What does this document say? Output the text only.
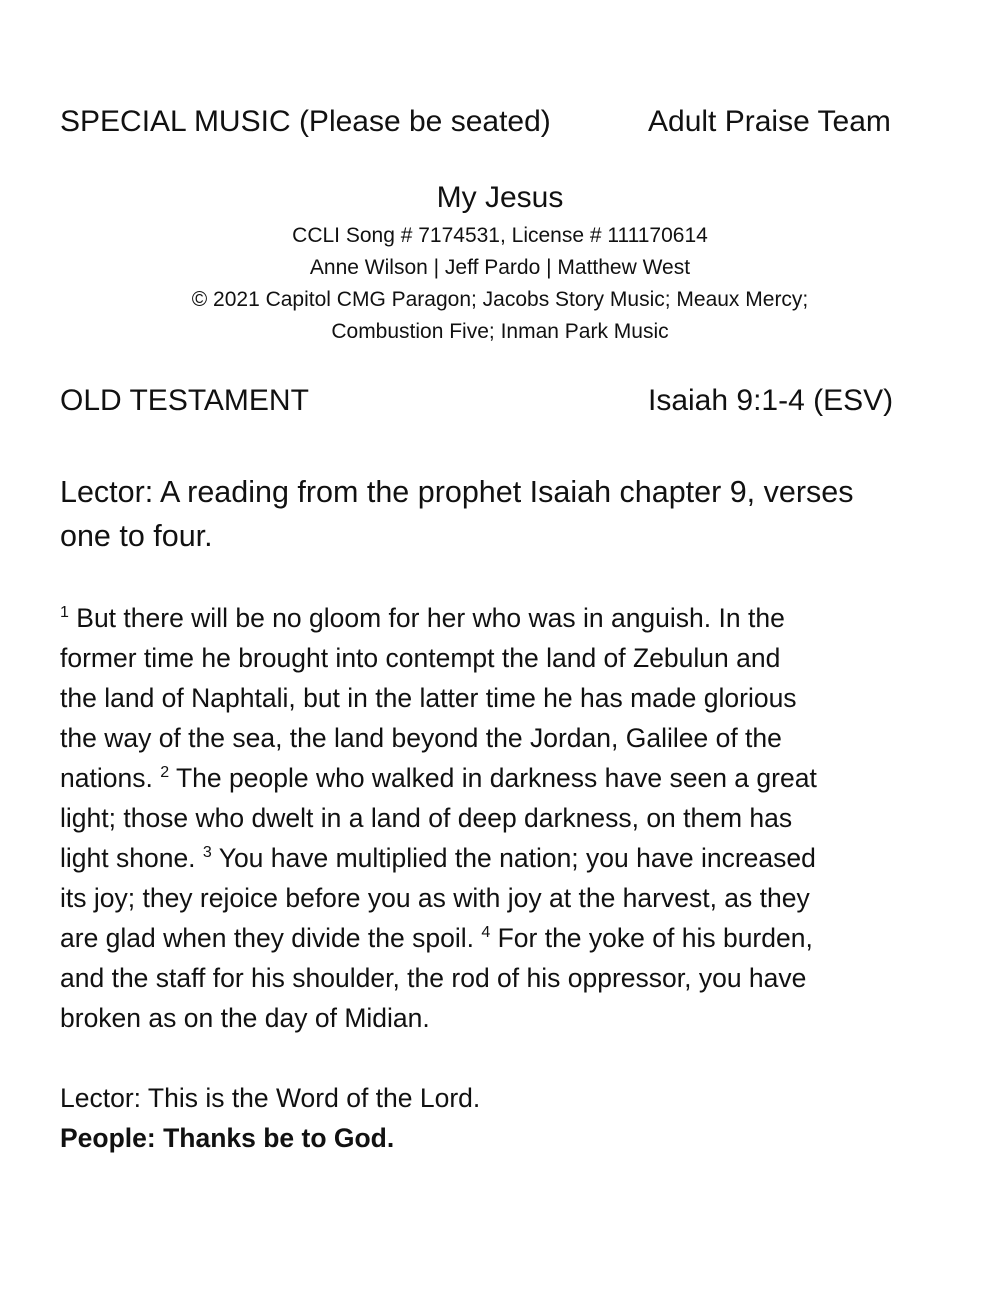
SPECIAL MUSIC (Please be seated)	Adult Praise Team
My Jesus
CCLI Song # 7174531, License # 111170614
Anne Wilson | Jeff Pardo | Matthew West
© 2021 Capitol CMG Paragon; Jacobs Story Music; Meaux Mercy;
Combustion Five; Inman Park Music
OLD TESTAMENT	Isaiah 9:1-4 (ESV)
Lector: A reading from the prophet Isaiah chapter 9, verses
one to four.
$^1$ But there will be no gloom for her who was in anguish. In the
former time he brought into contempt the land of Zebulun and
the land of Naphtali, but in the latter time he has made glorious
the way of the sea, the land beyond the Jordan, Galilee of the
nations. $^2$ The people who walked in darkness have seen a great
light; those who dwelt in a land of deep darkness, on them has
light shone. $^3$ You have multiplied the nation; you have increased
its joy; they rejoice before you as with joy at the harvest, as they
are glad when they divide the spoil. $^4$ For the yoke of his burden,
and the staff for his shoulder, the rod of his oppressor, you have
broken as on the day of Midian.
Lector: This is the Word of the Lord.
People: Thanks be to God.
